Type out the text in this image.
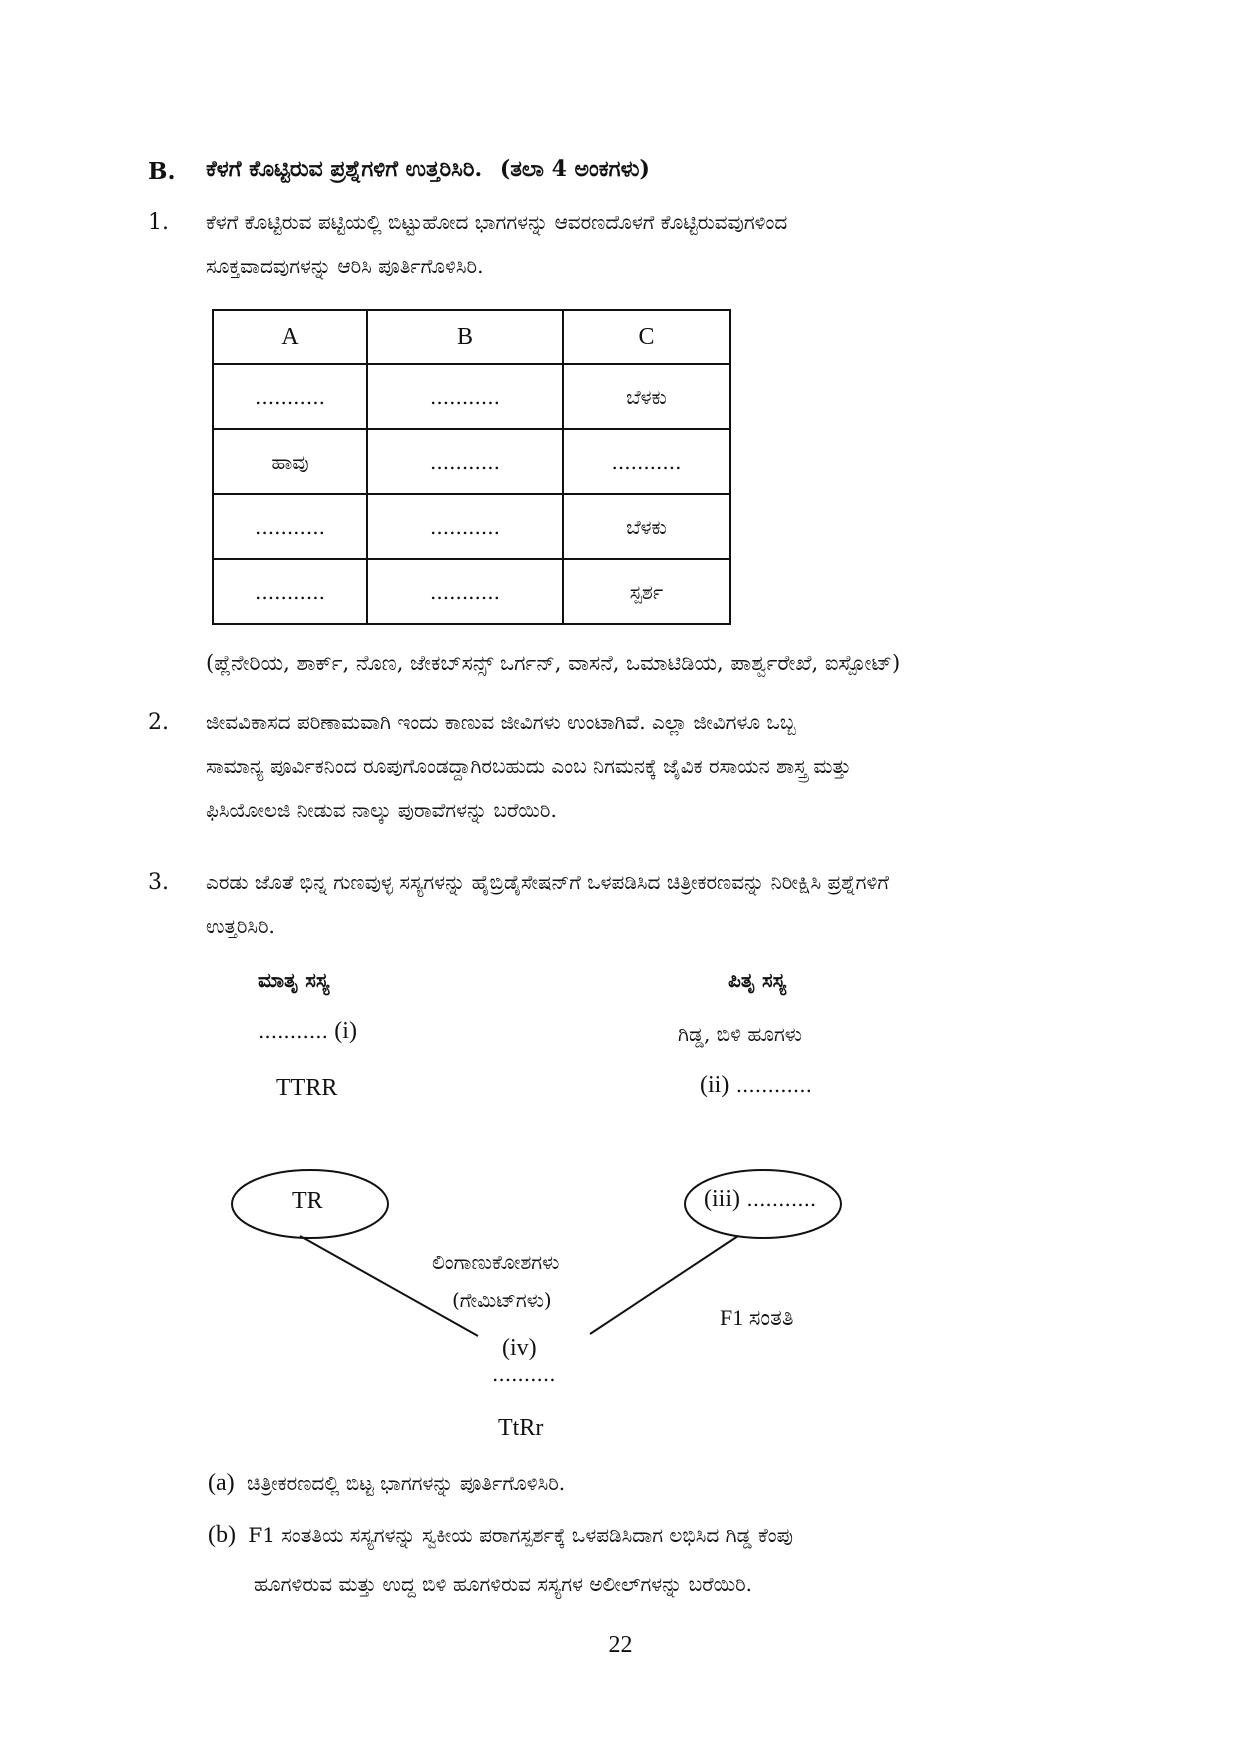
B. ಕೆಳಗೆ ಕೊಟ್ಟಿರುವ ಪ್ರಶ್ನೆಗಳಿಗೆ ಉತ್ತರಿಸಿರಿ. (ತಲಾ 4 ಅಂಕಗಳು)
1. ಕೆಳಗೆ ಕೊಟ್ಟಿರುವ ಪಟ್ಟಿಯಲ್ಲಿ ಬಿಟ್ಟುಹೋದ ಭಾಗಗಳನ್ನು ಆವರಣದೊಳಗೆ ಕೊಟ್ಟಿರುವವುಗಳಿಂದ
ಸೂಕ್ತವಾದವುಗಳನ್ನು ಆರಿಸಿ ಪೂರ್ತಿಗೊಳಿಸಿರಿ.
A	B	C
...........	...........	ಬೆಳಕು
ಹಾವು	...........	...........
...........	...........	ಬೆಳಕು
...........	...........	ಸ್ಪರ್ಶ
(ಪ್ಲೆನೇರಿಯ, ಶಾರ್ಕ್, ನೊಣ, ಜೇಕಬ್‌ಸನ್ಸ್ ಒರ್ಗನ್, ವಾಸನೆ, ಒಮಾಟಿಡಿಯ, ಪಾರ್ಶ್ವರೇಖೆ, ಐಸ್ಪೋಟ್)
2. ಜೀವವಿಕಾಸದ ಪರಿಣಾಮವಾಗಿ ಇಂದು ಕಾಣುವ ಜೀವಿಗಳು ಉಂಟಾಗಿವೆ. ಎಲ್ಲಾ ಜೀವಿಗಳೂ ಒಬ್ಬ
ಸಾಮಾನ್ಯ ಪೂರ್ವಿಕನಿಂದ ರೂಪುಗೊಂಡದ್ದಾಗಿರಬಹುದು ಎಂಬ ನಿಗಮನಕ್ಕೆ ಜೈವಿಕ ರಸಾಯನ ಶಾಸ್ತ್ರ ಮತ್ತು
ಫಿಸಿಯೋಲಜಿ ನೀಡುವ ನಾಲ್ಕು ಪುರಾವೆಗಳನ್ನು ಬರೆಯಿರಿ.
3. ಎರಡು ಜೊತೆ ಭಿನ್ನ ಗುಣವುಳ್ಳ ಸಸ್ಯಗಳನ್ನು ಹೈಬ್ರಿಡೈಸೇಷನ್‌ಗೆ ಒಳಪಡಿಸಿದ ಚಿತ್ರೀಕರಣವನ್ನು ನಿರೀಕ್ಷಿಸಿ ಪ್ರಶ್ನೆಗಳಿಗೆ
ಉತ್ತರಿಸಿರಿ.
ಮಾತೃ ಸಸ್ಯ	ಪಿತೃ ಸಸ್ಯ
........... (i)	ಗಿಡ್ಡ, ಬಿಳಿ ಹೂಗಳು
TTRR	(ii) ............
TR	(iii) ...........
ಲಿಂಗಾಣುಕೋಶಗಳು
(ಗೇಮಿಟ್‌ಗಳು)
(iv)
..........
F1 ಸಂತತಿ
TtRr
(a) ಚಿತ್ರೀಕರಣದಲ್ಲಿ ಬಿಟ್ಟ ಭಾಗಗಳನ್ನು ಪೂರ್ತಿಗೊಳಿಸಿರಿ.
(b) F1 ಸಂತತಿಯ ಸಸ್ಯಗಳನ್ನು ಸ್ವಕೀಯ ಪರಾಗಸ್ಪರ್ಶಕ್ಕೆ ಒಳಪಡಿಸಿದಾಗ ಲಭಿಸಿದ ಗಿಡ್ಡ ಕೆಂಪು
ಹೂಗಳಿರುವ ಮತ್ತು ಉದ್ದ ಬಿಳಿ ಹೂಗಳಿರುವ ಸಸ್ಯಗಳ ಅಲೀಲ್‌ಗಳನ್ನು ಬರೆಯಿರಿ.
22
